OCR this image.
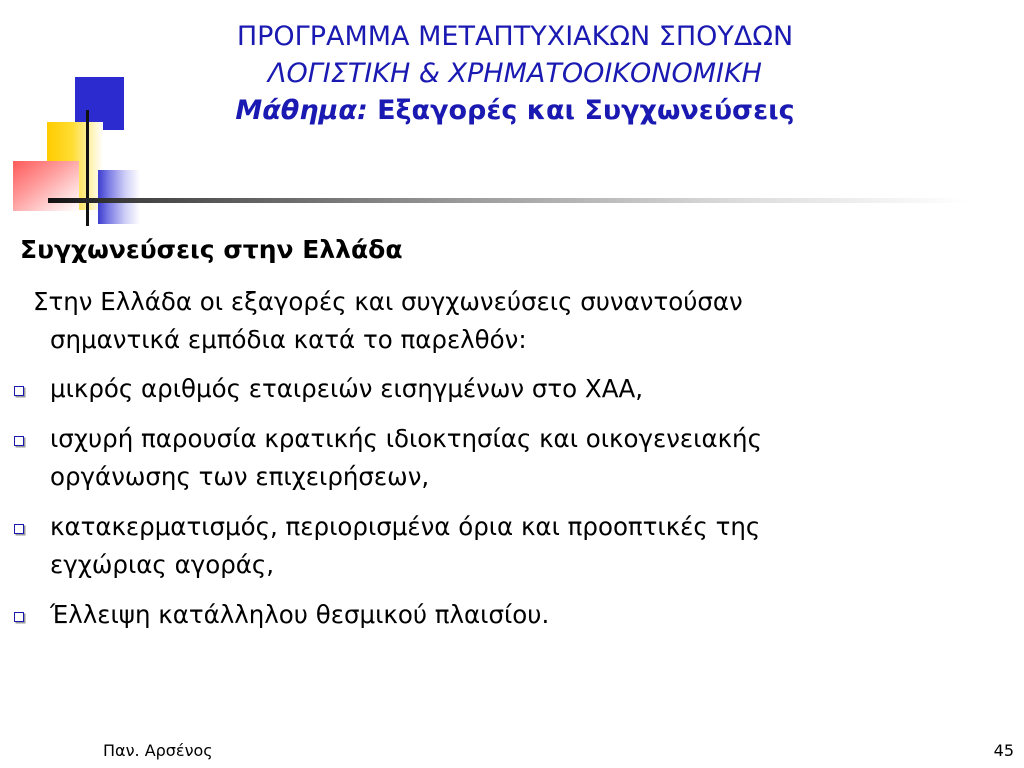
ΠΡΟΓΡΑΜΜΑ ΜΕΤΑΠΤΥΧΙΑΚΩΝ ΣΠΟΥΔΩΝ
ΛΟΓΙΣΤΙΚΗ & ΧΡΗΜΑΤΟΟΙΚΟΝΟΜΙΚΗ
Μάθημα: Εξαγορές και Συγχωνεύσεις
Συγχωνεύσεις στην Ελλάδα
Στην Ελλάδα οι εξαγορές και συγχωνεύσεις συναντούσαν
σημαντικά εμπόδια κατά το παρελθόν:
μικρός αριθμός εταιρειών εισηγμένων στο ΧΑΑ,
ισχυρή παρουσία κρατικής ιδιοκτησίας και οικογενειακής
οργάνωσης των επιχειρήσεων,
κατακερματισμός, περιορισμένα όρια και προοπτικές της
εγχώριας αγοράς,
Έλλειψη κατάλληλου θεσμικού πλαισίου.
Παν. Αρσένος	45
